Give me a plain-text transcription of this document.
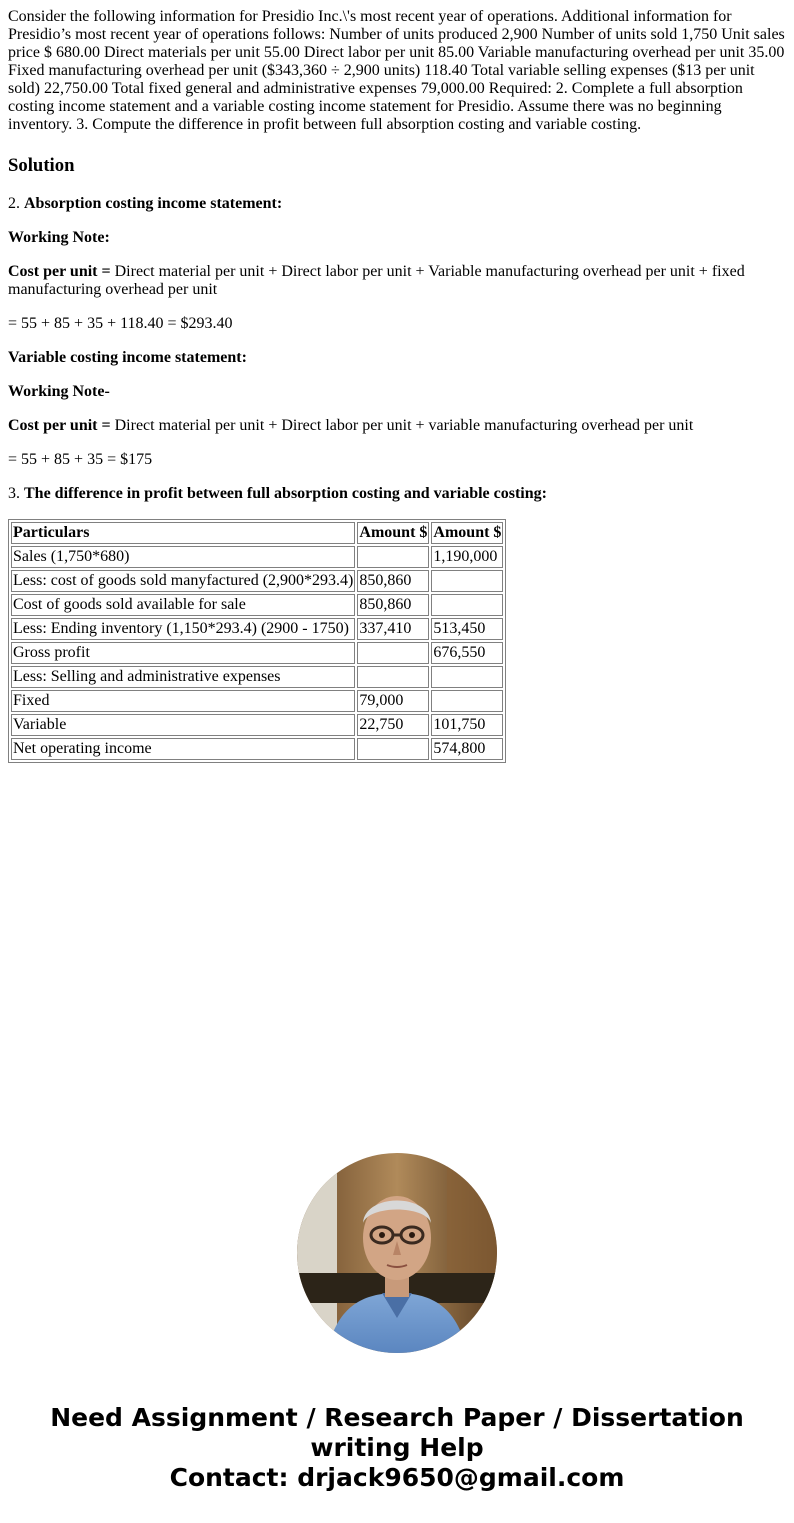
Consider the following information for Presidio Inc.\'s most recent year of operations. Additional information for Presidio’s most recent year of operations follows: Number of units produced 2,900 Number of units sold 1,750 Unit sales price $ 680.00 Direct materials per unit 55.00 Direct labor per unit 85.00 Variable manufacturing overhead per unit 35.00 Fixed manufacturing overhead per unit ($343,360 ÷ 2,900 units) 118.40 Total variable selling expenses ($13 per unit sold) 22,750.00 Total fixed general and administrative expenses 79,000.00 Required: 2. Complete a full absorption costing income statement and a variable costing income statement for Presidio. Assume there was no beginning inventory. 3. Compute the difference in profit between full absorption costing and variable costing.
Solution

2. Absorption costing income statement:

Working Note:

Cost per unit = Direct material per unit + Direct labor per unit + Variable manufacturing overhead per unit + fixed manufacturing overhead per unit

= 55 + 85 + 35 + 118.40 = $293.40

Variable costing income statement:

Working Note-

Cost per unit = Direct material per unit + Direct labor per unit + variable manufacturing overhead per unit

= 55 + 85 + 35 = $175

3. The difference in profit between full absorption costing and variable costing:

Particulars	Amount $	Amount $
Sales (1,750*680)		1,190,000
Less: cost of goods sold manyfactured (2,900*293.4)	850,860	
Cost of goods sold available for sale	850,860	
Less: Ending inventory (1,150*293.4) (2900 - 1750)	337,410	513,450
Gross profit		676,550
Less: Selling and administrative expenses		
Fixed	79,000	
Variable	22,750	101,750
Net operating income		574,800
Need Assignment / Research Paper / Dissertation
writing Help
Contact: drjack9650@gmail.com
